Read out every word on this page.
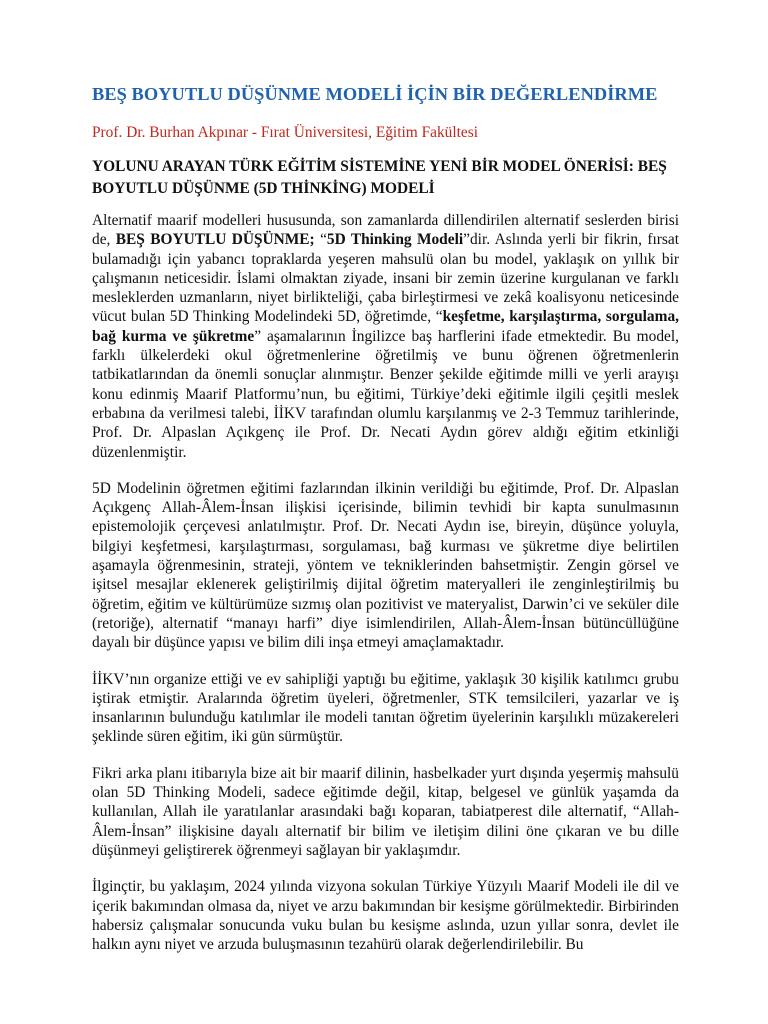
BEŞ BOYUTLU DÜŞÜNME MODELİ İÇİN BİR DEĞERLENDİRME

Prof. Dr. Burhan Akpınar - Fırat Üniversitesi, Eğitim Fakültesi

YOLUNU ARAYAN TÜRK EĞİTİM SİSTEMİNE YENİ BİR MODEL ÖNERİSİ: BEŞ BOYUTLU DÜŞÜNME (5D THİNKİNG) MODELİ

Alternatif maarif modelleri hususunda, son zamanlarda dillendirilen alternatif seslerden birisi de, BEŞ BOYUTLU DÜŞÜNME; “5D Thinking Modeli”dir. Aslında yerli bir fikrin, fırsat bulamadığı için yabancı topraklarda yeşeren mahsulü olan bu model, yaklaşık on yıllık bir çalışmanın neticesidir. İslami olmaktan ziyade, insani bir zemin üzerine kurgulanan ve farklı mesleklerden uzmanların, niyet birlikteliği, çaba birleştirmesi ve zekâ koalisyonu neticesinde vücut bulan 5D Thinking Modelindeki 5D, öğretimde, “keşfetme, karşılaştırma, sorgulama, bağ kurma ve şükretme” aşamalarının İngilizce baş harflerini ifade etmektedir. Bu model, farklı ülkelerdeki okul öğretmenlerine öğretilmiş ve bunu öğrenen öğretmenlerin tatbikatlarından da önemli sonuçlar alınmıştır. Benzer şekilde eğitimde milli ve yerli arayışı konu edinmiş Maarif Platformu’nun, bu eğitimi, Türkiye’deki eğitimle ilgili çeşitli meslek erbabına da verilmesi talebi, İİKV tarafından olumlu karşılanmış ve 2-3 Temmuz tarihlerinde, Prof. Dr. Alpaslan Açıkgenç ile Prof. Dr. Necati Aydın görev aldığı eğitim etkinliği düzenlenmiştir.

5D Modelinin öğretmen eğitimi fazlarından ilkinin verildiği bu eğitimde, Prof. Dr. Alpaslan Açıkgenç Allah-Âlem-İnsan ilişkisi içerisinde, bilimin tevhidi bir kapta sunulmasının epistemolojik çerçevesi anlatılmıştır. Prof. Dr. Necati Aydın ise, bireyin, düşünce yoluyla, bilgiyi keşfetmesi, karşılaştırması, sorgulaması, bağ kurması ve şükretme diye belirtilen aşamayla öğrenmesinin, strateji, yöntem ve tekniklerinden bahsetmiştir. Zengin görsel ve işitsel mesajlar eklenerek geliştirilmiş dijital öğretim materyalleri ile zenginleştirilmiş bu öğretim, eğitim ve kültürümüze sızmış olan pozitivist ve materyalist, Darwin’ci ve seküler dile (retoriğe), alternatif “manayı harfi” diye isimlendirilen, Allah-Âlem-İnsan bütüncüllüğüne dayalı bir düşünce yapısı ve bilim dili inşa etmeyi amaçlamaktadır.

İİKV’nın organize ettiği ve ev sahipliği yaptığı bu eğitime, yaklaşık 30 kişilik katılımcı grubu iştirak etmiştir. Aralarında öğretim üyeleri, öğretmenler, STK temsilcileri, yazarlar ve iş insanlarının bulunduğu katılımlar ile modeli tanıtan öğretim üyelerinin karşılıklı müzakereleri şeklinde süren eğitim, iki gün sürmüştür.

Fikri arka planı itibarıyla bize ait bir maarif dilinin, hasbelkader yurt dışında yeşermiş mahsulü olan 5D Thinking Modeli, sadece eğitimde değil, kitap, belgesel ve günlük yaşamda da kullanılan, Allah ile yaratılanlar arasındaki bağı koparan, tabiatperest dile alternatif, “Allah-Âlem-İnsan” ilişkisine dayalı alternatif bir bilim ve iletişim dilini öne çıkaran ve bu dille düşünmeyi geliştirerek öğrenmeyi sağlayan bir yaklaşımdır.

İlginçtir, bu yaklaşım, 2024 yılında vizyona sokulan Türkiye Yüzyılı Maarif Modeli ile dil ve içerik bakımından olmasa da, niyet ve arzu bakımından bir kesişme görülmektedir. Birbirinden habersiz çalışmalar sonucunda vuku bulan bu kesişme aslında, uzun yıllar sonra, devlet ile halkın aynı niyet ve arzuda buluşmasının tezahürü olarak değerlendirilebilir. Bu
